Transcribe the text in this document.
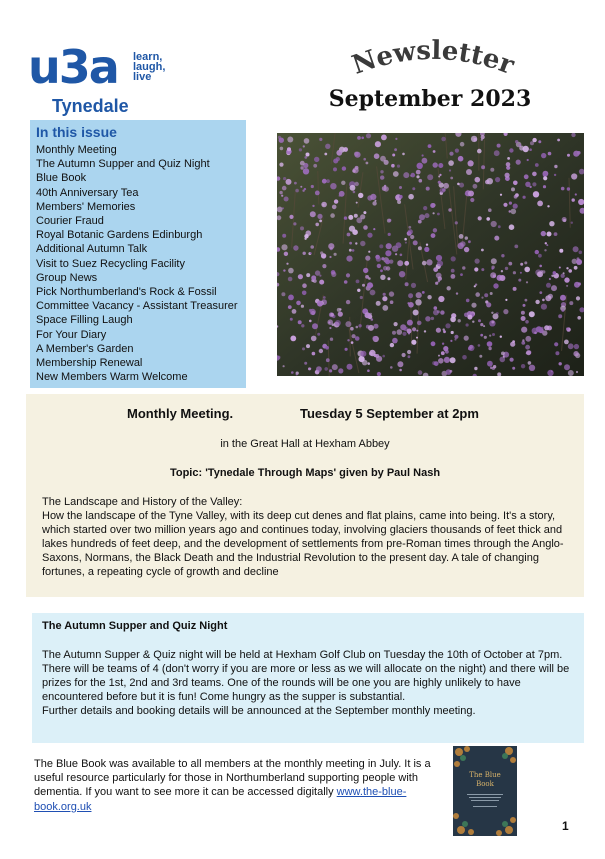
u3a learn,
laugh,
live
Tynedale
Newsletter
September 2023
In this issue
Monthly Meeting
The Autumn Supper and Quiz Night
Blue Book
40th Anniversary Tea
Members' Memories
Courier Fraud
Royal Botanic Gardens Edinburgh
Additional Autumn Talk
Visit to Suez Recycling Facility
Group News
Pick Northumberland's Rock & Fossil
Committee Vacancy - Assistant Treasurer
Space Filling Laugh
For Your Diary
A Member's Garden
Membership Renewal
New Members Warm Welcome
Monthly Meeting.	Tuesday 5 September at 2pm
in the Great Hall at Hexham Abbey
Topic: 'Tynedale Through Maps' given by Paul Nash
The Landscape and History of the Valley:
How the landscape of the Tyne Valley, with its deep cut denes and flat plains, came into being. It's a story, which started over two million years ago and continues today, involving glaciers thousands of feet thick and lakes hundreds of feet deep, and the development of settlements from pre-Roman times through the Anglo-Saxons, Normans, the Black Death and the Industrial Revolution to the present day. A tale of changing fortunes, a repeating cycle of growth and decline
The Autumn Supper and Quiz Night
The Autumn Supper & Quiz night will be held at Hexham Golf Club on Tuesday the 10th of October at 7pm. There will be teams of 4 (don't worry if you are more or less as we will allocate on the night) and there will be prizes for the 1st, 2nd and 3rd teams. One of the rounds will be one you are highly unlikely to have encountered before but it is fun! Come hungry as the supper is substantial.
Further details and booking details will be announced at the September monthly meeting.
The Blue Book was available to all members at the monthly meeting in July. It is a useful resource particularly for those in Northumberland supporting people with dementia. If you want to see more it can be accessed digitally www.the-blue-book.org.uk
The Blue
Book
1
